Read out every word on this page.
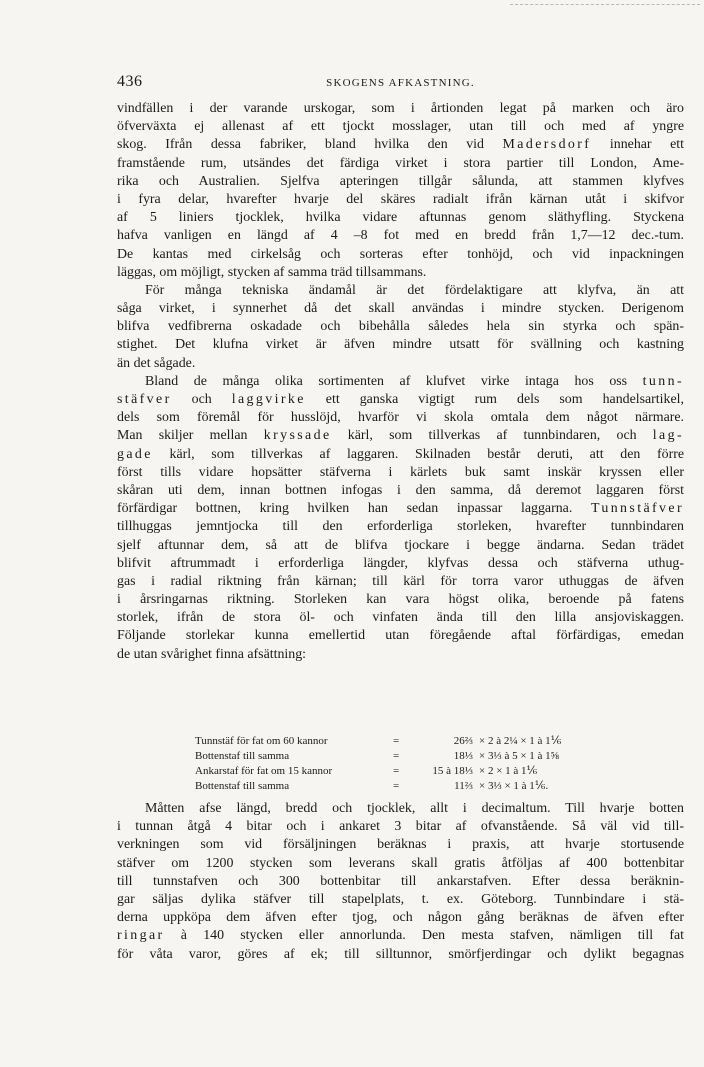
436	SKOGENS AFKASTNING.
vindfällen i der varande urskogar, som i årtionden legat på marken och äro
öfverväxta ej allenast af ett tjockt mosslager, utan till och med af yngre
skog. Ifrån dessa fabriker, bland hvilka den vid Madersdorf innehar ett
framstående rum, utsändes det färdiga virket i stora partier till London, Ame-
rika och Australien. Sjelfva apteringen tillgår sålunda, att stammen klyfves
i fyra delar, hvarefter hvarje del skäres radialt ifrån kärnan utåt i skifvor
af 5 liniers tjocklek, hvilka vidare aftunnas genom släthyfling. Styckena
hafva vanligen en längd af 4 –8 fot med en bredd från 1,7—12 dec.-tum.
De kantas med cirkelsåg och sorteras efter tonhöjd, och vid inpackningen
läggas, om möjligt, stycken af samma träd tillsammans.
För många tekniska ändamål är det fördelaktigare att klyfva, än att
såga virket, i synnerhet då det skall användas i mindre stycken. Derigenom
blifva vedfibrerna oskadade och bibehålla således hela sin styrka och spän-
stighet. Det klufna virket är äfven mindre utsatt för svällning och kastning
än det sågade.
Bland de många olika sortimenten af klufvet virke intaga hos oss tunn-
stäfver och laggvirke ett ganska vigtigt rum dels som handelsartikel,
dels som föremål för husslöjd, hvarför vi skola omtala dem något närmare.
Man skiljer mellan kryssade kärl, som tillverkas af tunnbindaren, och lag-
gade kärl, som tillverkas af laggaren. Skilnaden består deruti, att den förre
först tills vidare hopsätter stäfverna i kärlets buk samt inskär kryssen eller
skåran uti dem, innan bottnen infogas i den samma, då deremot laggaren först
förfärdigar bottnen, kring hvilken han sedan inpassar laggarna. Tunnstäfver
tillhuggas jemntjocka till den erforderliga storleken, hvarefter tunnbindaren
sjelf aftunnar dem, så att de blifva tjockare i begge ändarna. Sedan trädet
blifvit aftrummadt i erforderliga längder, klyfvas dessa och stäfverna uthug-
gas i radial riktning från kärnan; till kärl för torra varor uthuggas de äfven
i årsringarnas riktning. Storleken kan vara högst olika, beroende på fatens
storlek, ifrån de stora öl- och vinfaten ända till den lilla ansjoviskaggen.
Följande storlekar kunna emellertid utan föregående aftal förfärdigas, emedan
de utan svårighet finna afsättning:
Tunnstäf för fat om 60 kannor	=	26⅔ × 2 à 2¼ × 1 à 1⅙
Bottenstaf till samma	=	18⅓ × 3⅓ à 5 × 1 à 1⅝
Ankarstaf för fat om 15 kannor	=	15 à 18⅓ × 2 × 1 à 1⅙
Bottenstaf till samma	=	11⅔ × 3⅓ × 1 à 1⅙.
Måtten afse längd, bredd och tjocklek, allt i decimaltum. Till hvarje botten
i tunnan åtgå 4 bitar och i ankaret 3 bitar af ofvanstående. Så väl vid till-
verkningen som vid försäljningen beräknas i praxis, att hvarje stortusende
stäfver om 1200 stycken som leverans skall gratis åtföljas af 400 bottenbitar
till tunnstafven och 300 bottenbitar till ankarstafven. Efter dessa beräknin-
gar säljas dylika stäfver till stapelplats, t. ex. Göteborg. Tunnbindare i stä-
derna uppköpa dem äfven efter tjog, och någon gång beräknas de äfven efter
ringar à 140 stycken eller annorlunda. Den mesta stafven, nämligen till fat
för våta varor, göres af ek; till silltunnor, smörfjerdingar och dylikt begagnas
